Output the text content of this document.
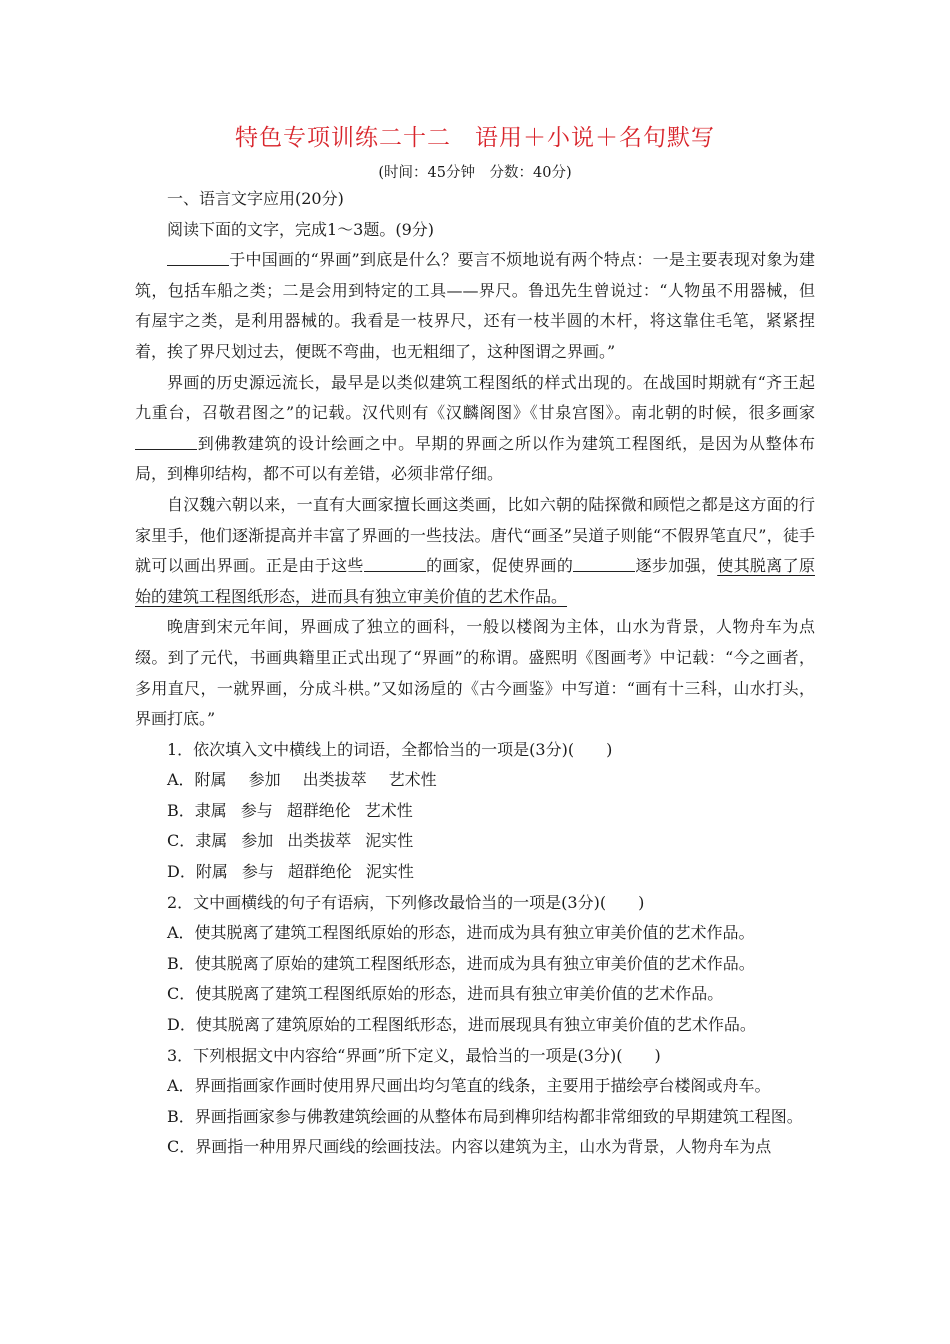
特色专项训练二十二　语用＋小说＋名句默写
(时间：45分钟　分数：40分)

一、语言文字应用(20分)

阅读下面的文字，完成1～3题。(9分)

于中国画的“界画”到底是什么？要言不烦地说有两个特点：一是主要表现对象为建筑，包括车船之类；二是会用到特定的工具——界尺。鲁迅先生曾说过：“人物虽不用器械，但有屋宇之类，是利用器械的。我看是一枝界尺，还有一枝半圆的木杆，将这靠住毛笔，紧紧捏着，挨了界尺划过去，便既不弯曲，也无粗细了，这种图谓之界画。”

界画的历史源远流长，最早是以类似建筑工程图纸的样式出现的。在战国时期就有“齐王起九重台，召敬君图之”的记载。汉代则有《汉麟阁图》《甘泉宫图》。南北朝的时候，很多画家到佛教建筑的设计绘画之中。早期的界画之所以作为建筑工程图纸，是因为从整体布局，到榫卯结构，都不可以有差错，必须非常仔细。

自汉魏六朝以来，一直有大画家擅长画这类画，比如六朝的陆探微和顾恺之都是这方面的行家里手，他们逐渐提高并丰富了界画的一些技法。唐代“画圣”吴道子则能“不假界笔直尺”，徒手就可以画出界画。正是由于这些	的画家，促使界画的	逐步加强，使其脱离了原始的建筑工程图纸形态，进而具有独立审美价值的艺术作品。

晚唐到宋元年间，界画成了独立的画科，一般以楼阁为主体，山水为背景，人物舟车为点缀。到了元代，书画典籍里正式出现了“界画”的称谓。盛熙明《图画考》中记载：“今之画者，多用直尺，一就界画，分成斗栱。”又如汤垕的《古今画鉴》中写道：“画有十三科，山水打头，界画打底。”

1．依次填入文中横线上的词语，全都恰当的一项是(3分)(　　)

A．附属 参加 出类拔萃 艺术性

B．隶属 参与 超群绝伦 艺术性

C．隶属 参加 出类拔萃 泥实性

D．附属 参与 超群绝伦 泥实性

2．文中画横线的句子有语病，下列修改最恰当的一项是(3分)(　　)

A．使其脱离了建筑工程图纸原始的形态，进而成为具有独立审美价值的艺术作品。

B．使其脱离了原始的建筑工程图纸形态，进而成为具有独立审美价值的艺术作品。

C．使其脱离了建筑工程图纸原始的形态，进而具有独立审美价值的艺术作品。

D．使其脱离了建筑原始的工程图纸形态，进而展现具有独立审美价值的艺术作品。

3．下列根据文中内容给“界画”所下定义，最恰当的一项是(3分)(　　)

A．界画指画家作画时使用界尺画出均匀笔直的线条，主要用于描绘亭台楼阁或舟车。

B．界画指画家参与佛教建筑绘画的从整体布局到榫卯结构都非常细致的早期建筑工程图。

C．界画指一种用界尺画线的绘画技法。内容以建筑为主，山水为背景，人物舟车为点
